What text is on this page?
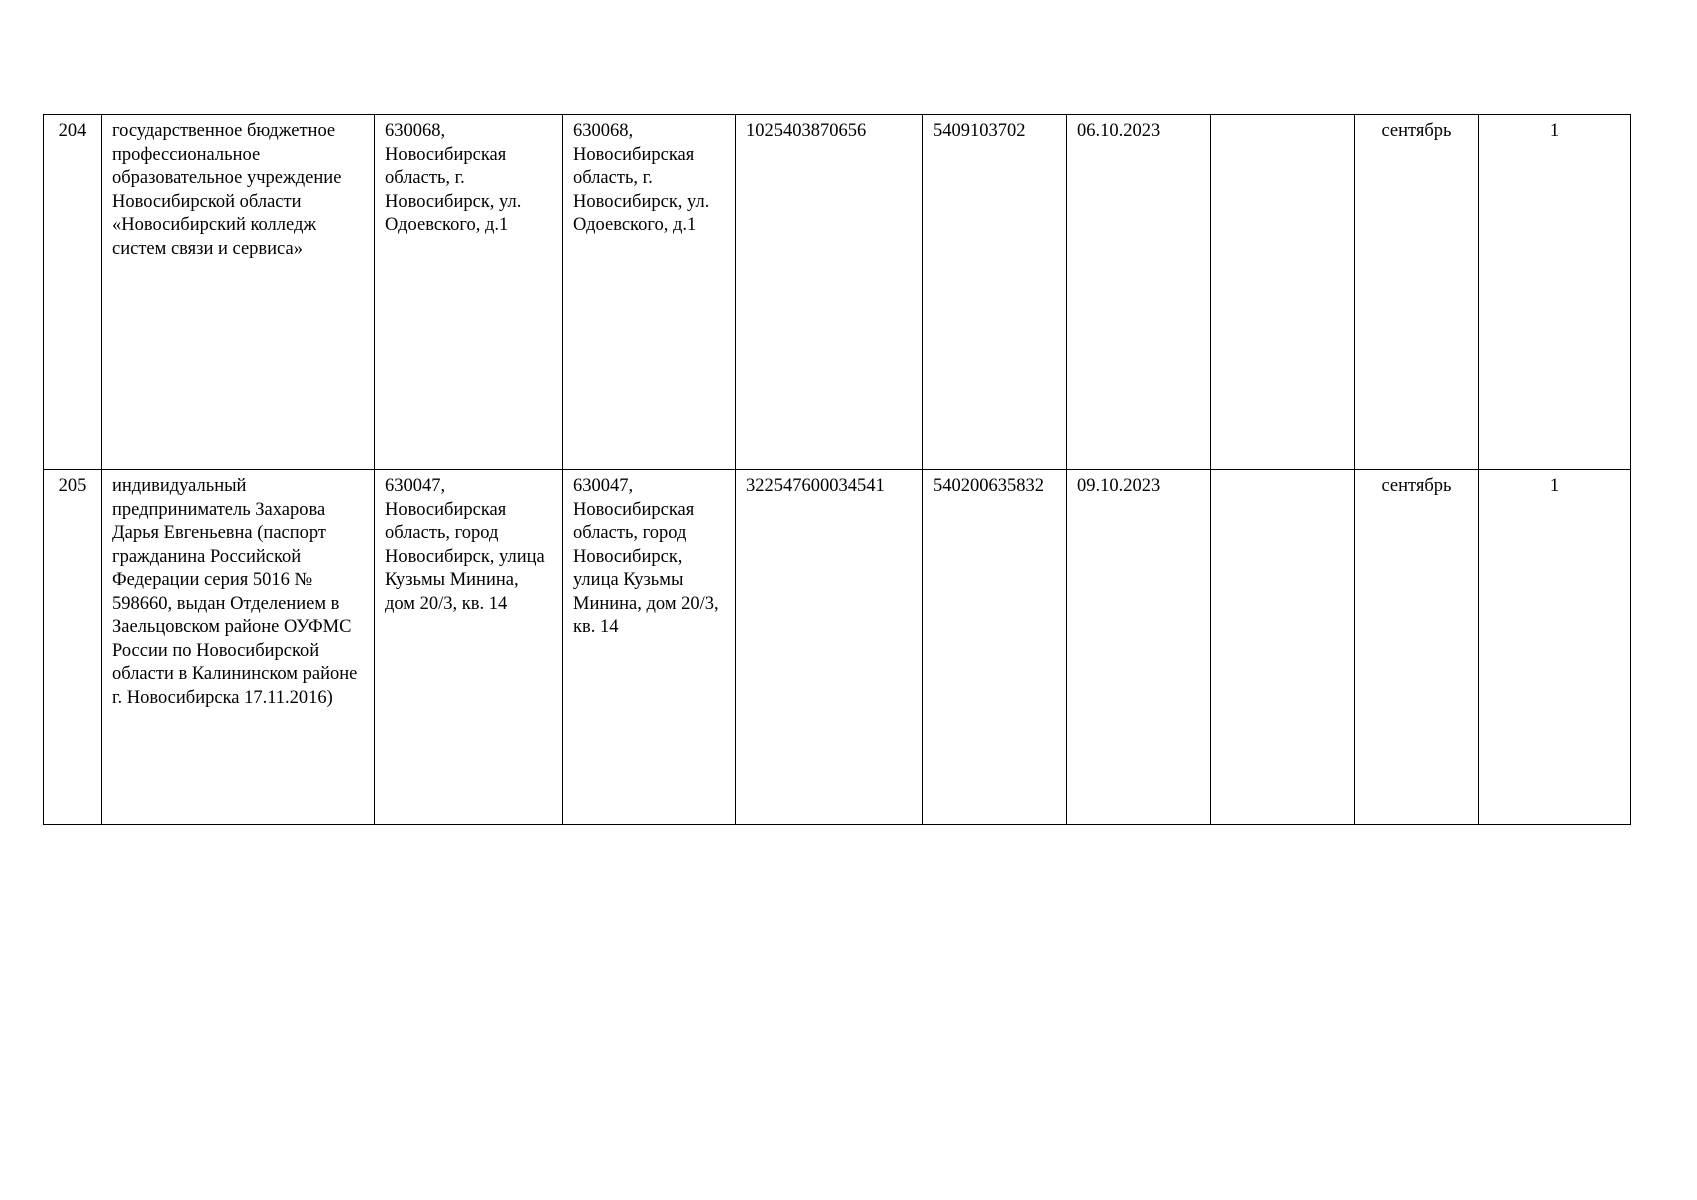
204	государственное бюджетное профессиональное образовательное учреждение Новосибирской области «Новосибирский колледж систем связи и сервиса»	630068, Новосибирская область, г. Новосибирск, ул. Одоевского, д.1	630068, Новосибирская область, г. Новосибирск, ул. Одоевского, д.1	1025403870656	5409103702	06.10.2023		сентябрь	1
205	индивидуальный предприниматель Захарова Дарья Евгеньевна (паспорт гражданина Российской Федерации серия 5016 № 598660, выдан Отделением в Заельцовском районе ОУФМС России по Новосибирской области в Калининском районе г. Новосибирска 17.11.2016)	630047, Новосибирская область, город Новосибирск, улица Кузьмы Минина, дом 20/3, кв. 14	630047, Новосибирская область, город Новосибирск, улица Кузьмы Минина, дом 20/3, кв. 14	322547600034541	540200635832	09.10.2023		сентябрь	1
